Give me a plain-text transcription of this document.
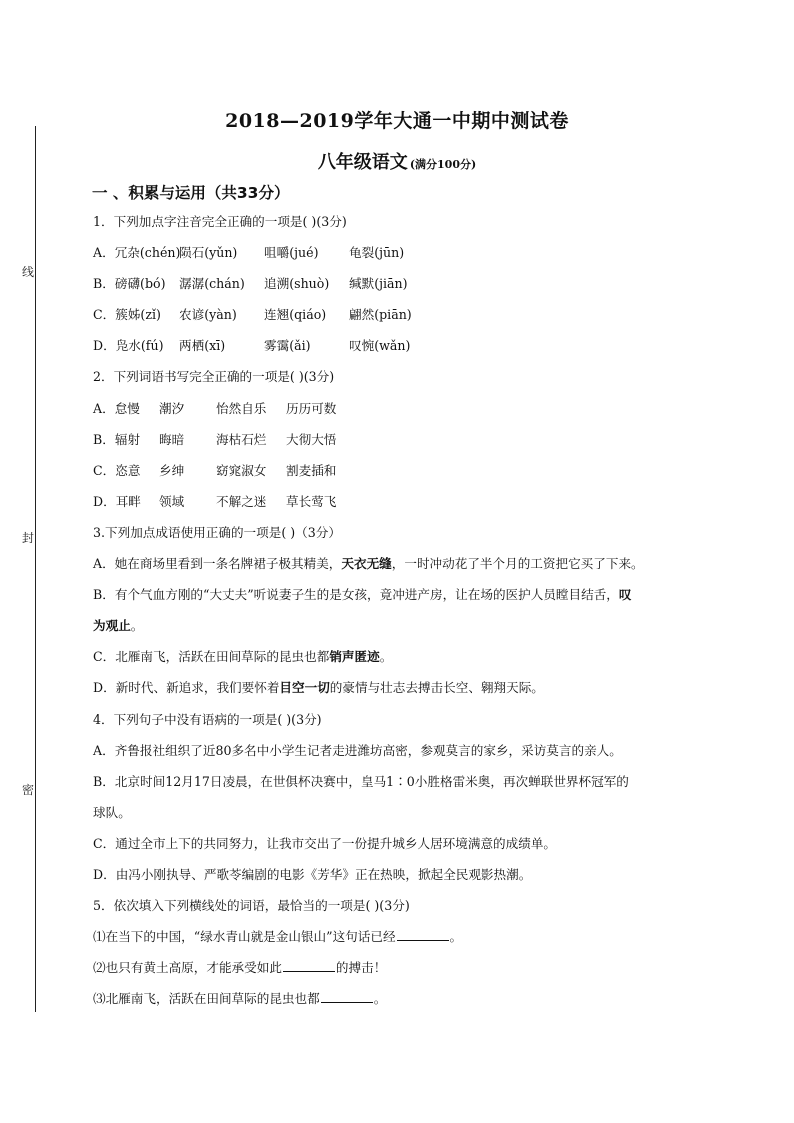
线
封
密
2018—2019学年大通一中期中测试卷
八年级语文 (满分100分)
一 、积累与运用（共33分）
1．下列加点字注音完全正确的一项是( )(3分)
A．冗杂(chén)陨石(yǔn) 咀嚼(jué) 龟裂(jūn)
B．磅礴(bó) 潺潺(chán) 追溯(shuò) 缄默(jiān)
C．簇姊(zǐ) 农谚(yàn) 连翘(qiáo) 翩然(piān)
D．凫水(fú) 两栖(xī)	雾霭(ǎi)	叹惋(wǎn)
2．下列词语书写完全正确的一项是( )(3分)
A．怠慢 潮汐	怡然自乐 历历可数
B．辐射 晦暗	海枯石烂 大彻大悟
C．恣意 乡绅	窈窕淑女 割麦插和
D．耳畔 领域	不解之迷 草长莺飞
3.下列加点成语使用正确的一项是( )（3分）
A．她在商场里看到一条名牌裙子极其精美，天衣无缝，一时冲动花了半个月的工资把它买了下来。
B．有个气血方刚的“大丈夫”听说妻子生的是女孩，竟冲进产房，让在场的医护人员瞠目结舌，叹
为观止。
C．北雁南飞，活跃在田间草际的昆虫也都销声匿迹。
D．新时代、新追求，我们要怀着目空一切的豪情与壮志去搏击长空、翱翔天际。
4．下列句子中没有语病的一项是( )(3分)
A．齐鲁报社组织了近80多名中小学生记者走进潍坊高密，参观莫言的家乡，采访莫言的亲人。
B．北京时间12月17日凌晨，在世俱杯决赛中，皇马1∶0小胜格雷米奥，再次蝉联世界杯冠军的
球队。
C．通过全市上下的共同努力，让我市交出了一份提升城乡人居环境满意的成绩单。
D．由冯小刚执导、严歌苓编剧的电影《芳华》正在热映，掀起全民观影热潮。
5．依次填入下列横线处的词语，最恰当的一项是( )(3分)
⑴在当下的中国，“绿水青山就是金山银山”这句话已经	。
⑵也只有黄土高原，才能承受如此	的搏击！
⑶北雁南飞，活跃在田间草际的昆虫也都	。
